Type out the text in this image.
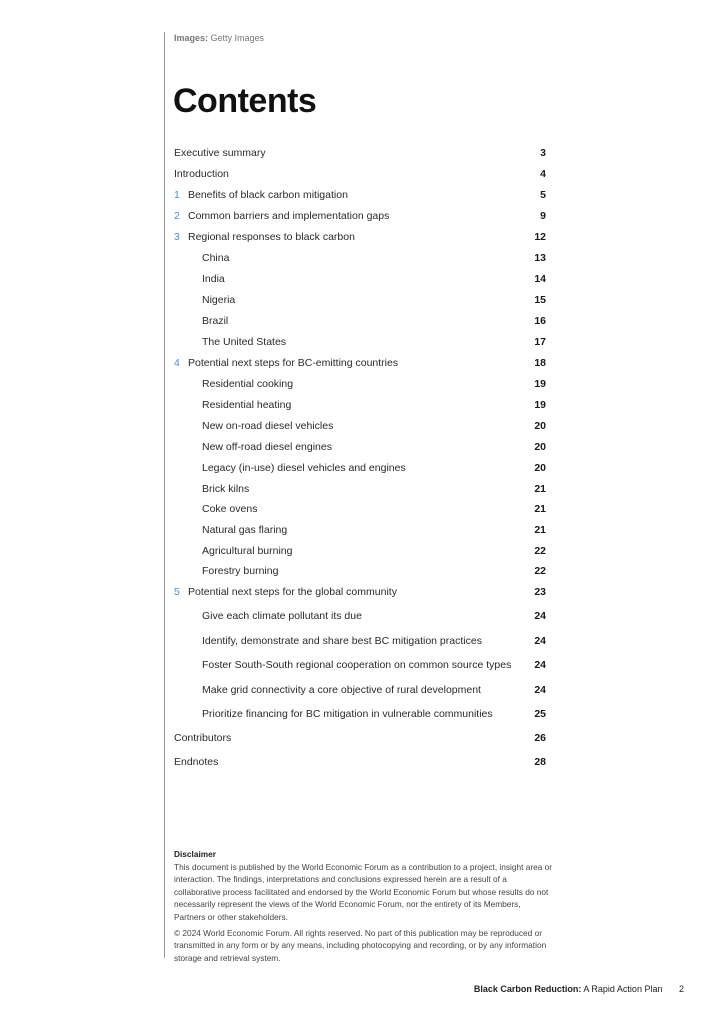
Images: Getty Images
Contents
Executive summary	3
Introduction	4
1 Benefits of black carbon mitigation	5
2 Common barriers and implementation gaps	9
3 Regional responses to black carbon	12
China	13
India	14
Nigeria	15
Brazil	16
The United States	17
4 Potential next steps for BC-emitting countries	18
Residential cooking	19
Residential heating	19
New on-road diesel vehicles	20
New off-road diesel engines	20
Legacy (in-use) diesel vehicles and engines	20
Brick kilns	21
Coke ovens	21
Natural gas flaring	21
Agricultural burning	22
Forestry burning	22
5 Potential next steps for the global community	23
Give each climate pollutant its due	24
Identify, demonstrate and share best BC mitigation practices	24
Foster South-South regional cooperation on common source types 24
Make grid connectivity a core objective of rural development	24
Prioritize financing for BC mitigation in vulnerable communities	25
Contributors	26
Endnotes	28
Disclaimer

This document is published by the World Economic Forum as a contribution to a project, insight area or interaction. The findings, interpretations and conclusions expressed herein are a result of a collaborative process facilitated and endorsed by the World Economic Forum but whose results do not necessarily represent the views of the World Economic Forum, nor the entirety of its Members, Partners or other stakeholders.

© 2024 World Economic Forum. All rights reserved. No part of this publication may be reproduced or transmitted in any form or by any means, including photocopying and recording, or by any information storage and retrieval system.

Black Carbon Reduction: A Rapid Action Plan 2
